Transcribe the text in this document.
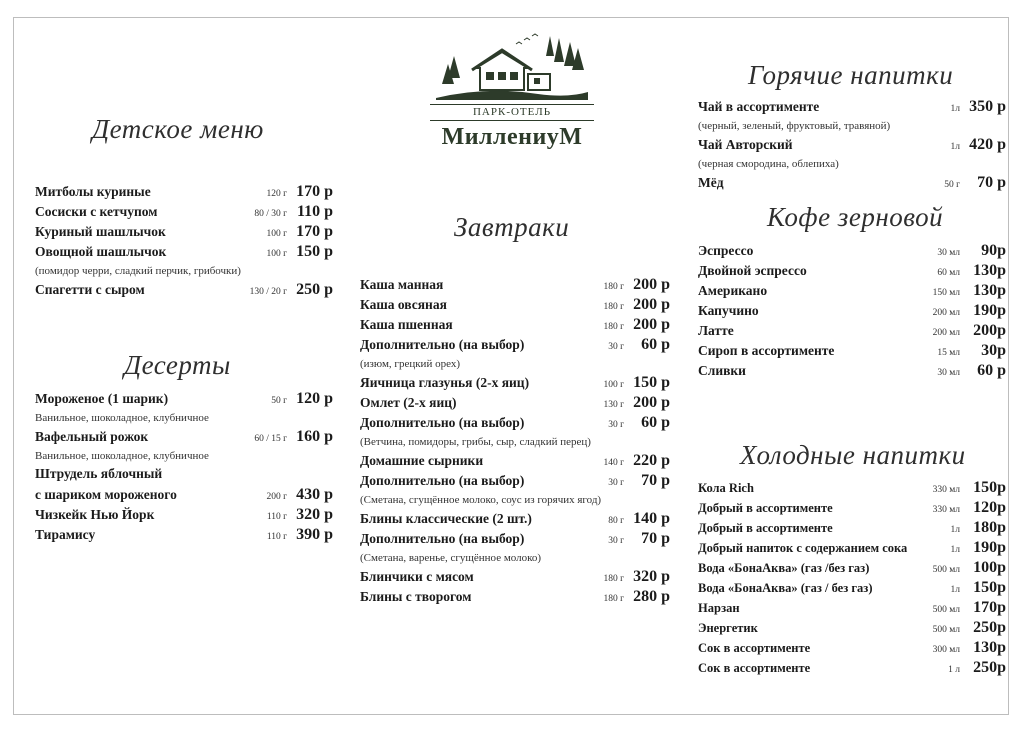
ПАРК-ОТЕЛЬ
МиллениуМ
Детское меню
Десерты
Завтраки
Горячие напитки
Кофе зерновой
Холодные напитки
Митболы куриные	120 г 170 р
Сосиски с кетчупом	80 / 30 г 110 р
Куриный шашлычок	100 г 170 р
Овощной шашлычок	100 г 150 р
(помидор черри, сладкий перчик, грибочки)
Спагетти с сыром	130 / 20 г 250 р
Мороженое (1 шарик)	50 г 120 р
Ванильное, шоколадное, клубничное
Вафельный рожок	60 / 15 г 160 р
Ванильное, шоколадное, клубничное
Штрудель яблочный
с шариком мороженого	200 г 430 р
Чизкейк Нью Йорк	110 г 320 р
Тирамису	110 г 390 р
Каша манная	180 г 200 р
Каша овсяная	180 г 200 р
Каша пшенная	180 г 200 р
Дополнительно (на выбор)	30 г	60 р
(изюм, грецкий орех)
Яичница глазунья (2-х яиц)	100 г 150 р
Омлет (2-х яиц)	130 г 200 р
Дополнительно (на выбор)	30 г	60 р
(Ветчина, помидоры, грибы, сыр, сладкий перец)
Домашние сырники	140 г 220 р
Дополнительно (на выбор)	30 г	70 р
(Сметана, сгущённое молоко, соус из горячих ягод)
Блины классические (2 шт.)	80 г 140 р
Дополнительно (на выбор)	30 г	70 р
(Сметана, варенье, сгущённое молоко)
Блинчики с мясом	180 г 320 р
Блины с творогом	180 г 280 р
Чай в ассортименте	1л 350 р
(черный, зеленый, фруктовый, травяной)
Чай Авторский	1л 420 р
(черная смородина, облепиха)
Мёд	50 г	70 р
Эспрессо	30 мл	90р
Двойной эспрессо	60 мл 130р
Американо	150 мл 130р
Капучино	200 мл 190р
Латте	200 мл 200р
Сироп в ассортименте	15 мл	30р
Сливки	30 мл	60 р
Кола Rich	330 мл 150р
Добрый в ассортименте	330 мл 120р
Добрый в ассортименте	1л 180р
Добрый напиток с содержанием сока	1л 190р
Вода «БонаАква» (газ /без газ)	500 мл 100р
Вода «БонаАква» (газ / без газ)	1л 150р
Нарзан	500 мл 170р
Энергетик	500 мл 250р
Сок в ассортименте	300 мл 130р
Сок в ассортименте	1 л 250р
